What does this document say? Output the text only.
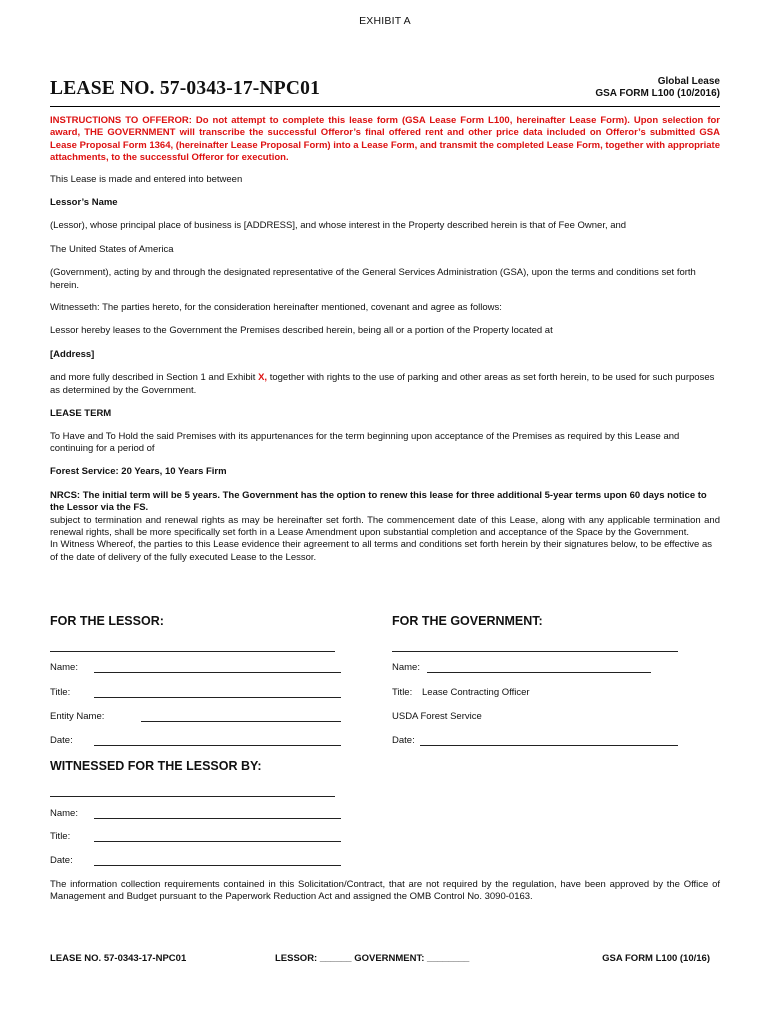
EXHIBIT A
LEASE NO. 57-0343-17-NPC01	Global Lease
GSA FORM L100 (10/2016)

INSTRUCTIONS TO OFFEROR: Do not attempt to complete this lease form (GSA Lease Form L100, hereinafter Lease Form). Upon selection for award, THE GOVERNMENT will transcribe the successful Offeror’s final offered rent and other price data included on Offeror’s submitted GSA Lease Proposal Form 1364, (hereinafter Lease Proposal Form) into a Lease Form, and transmit the completed Lease Form, together with appropriate attachments, to the successful Offeror for execution.

This Lease is made and entered into between

Lessor’s Name

(Lessor), whose principal place of business is [ADDRESS], and whose interest in the Property described herein is that of Fee Owner, and

The United States of America

(Government), acting by and through the designated representative of the General Services Administration (GSA), upon the terms and conditions set forth herein.

Witnesseth: The parties hereto, for the consideration hereinafter mentioned, covenant and agree as follows:

Lessor hereby leases to the Government the Premises described herein, being all or a portion of the Property located at

[Address]

and more fully described in Section 1 and Exhibit X, together with rights to the use of parking and other areas as set forth herein, to be used for such purposes as determined by the Government.

LEASE TERM

To Have and To Hold the said Premises with its appurtenances for the term beginning upon acceptance of the Premises as required by this Lease and continuing for a period of

Forest Service: 20 Years, 10 Years Firm

NRCS: The initial term will be 5 years. The Government has the option to renew this lease for three additional 5-year terms upon 60 days notice to the Lessor via the FS.

subject to termination and renewal rights as may be hereinafter set forth. The commencement date of this Lease, along with any applicable termination and renewal rights, shall be more specifically set forth in a Lease Amendment upon substantial completion and acceptance of the Space by the Government.

In Witness Whereof, the parties to this Lease evidence their agreement to all terms and conditions set forth herein by their signatures below, to be effective as of the date of delivery of the fully executed Lease to the Lessor.

FOR THE LESSOR:	FOR THE GOVERNMENT:
Name:	Name:
Title:	Title: Lease Contracting Officer
Entity Name:	USDA Forest Service
Date:	Date:
WITNESSED FOR THE LESSOR BY:
Name:
Title:
Date:

The information collection requirements contained in this Solicitation/Contract, that are not required by the regulation, have been approved by the Office of Management and Budget pursuant to the Paperwork Reduction Act and assigned the OMB Control No. 3090-0163.

LEASE NO. 57-0343-17-NPC01	LESSOR: ______ GOVERNMENT: ________	GSA FORM L100 (10/16)
